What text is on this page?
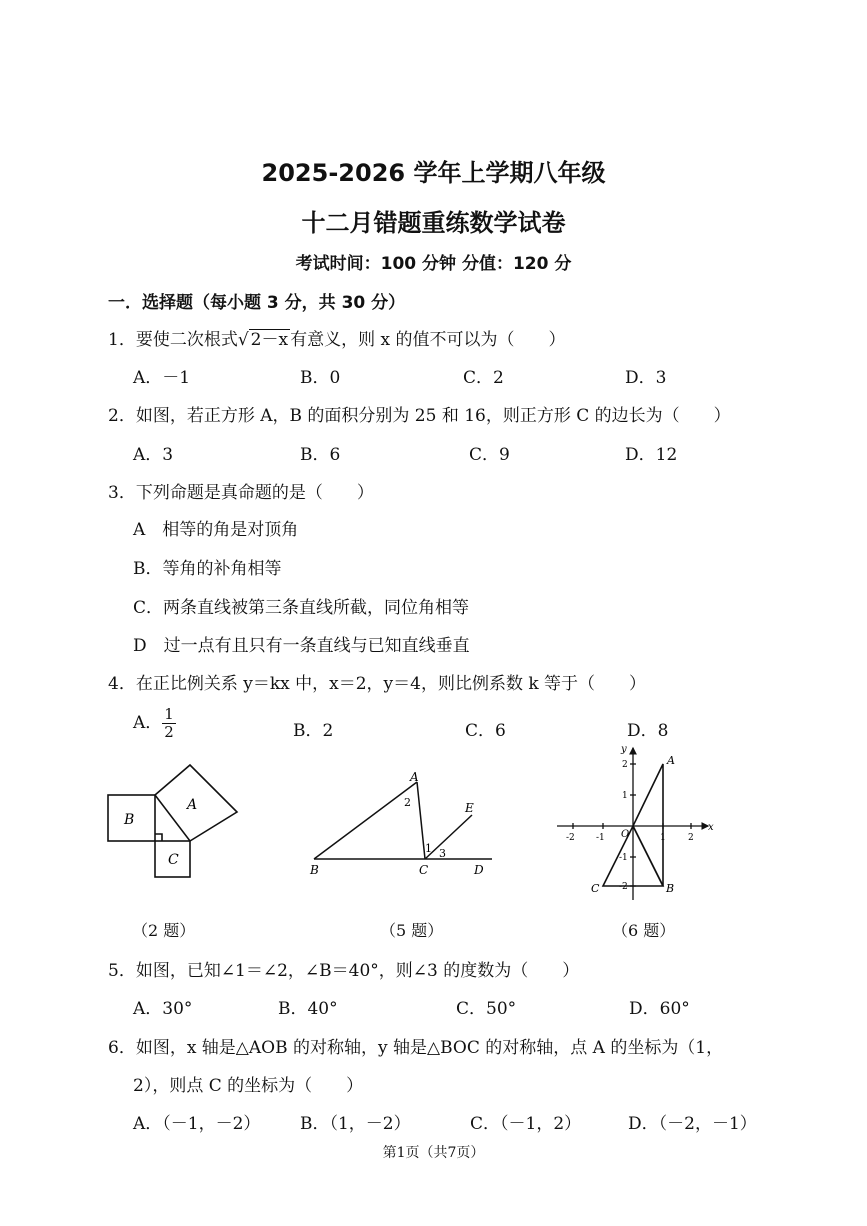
2025-2026 学年上学期八年级
十二月错题重练数学试卷
考试时间：100 分钟 分值：120 分
一．选择题（每小题 3 分，共 30 分）
1．要使二次根式√ 2－x 有意义，则 x 的值不可以为（　　）
A．－1	B．0	C．2	D．3
2．如图，若正方形 A，B 的面积分别为 25 和 16，则正方形 C 的边长为（　　）
A．3	B．6	C．9	D．12
3．下列命题是真命题的是（　　）
A　相等的角是对顶角
B．等角的补角相等
C．两条直线被第三条直线所截，同位角相等
D　过一点有且只有一条直线与已知直线垂直
4．在正比例关系 y＝kx 中，x＝2，y＝4，则比例系数 k 等于（　　）
A． $\frac{1}{2}$	B．2	C．6	D．8
B
A
C
A
B	C	D
E
1
2
3
A
B
C
x
y
O
-2 -1	1 2
2
1
-1
-2
（2 题）	（5 题）	（6 题）
5．如图，已知∠1＝∠2，∠B＝40°，则∠3 的度数为（　　）
A．30°	B．40°	C．50°	D．60°
6．如图，x 轴是△AOB 的对称轴，y 轴是△BOC 的对称轴，点 A 的坐标为（1，
2），则点 C 的坐标为（　　）
A．（－1，－2） B．（1，－2）	C．（－1，2）	D．（－2，－1）
第1页（共7页）
